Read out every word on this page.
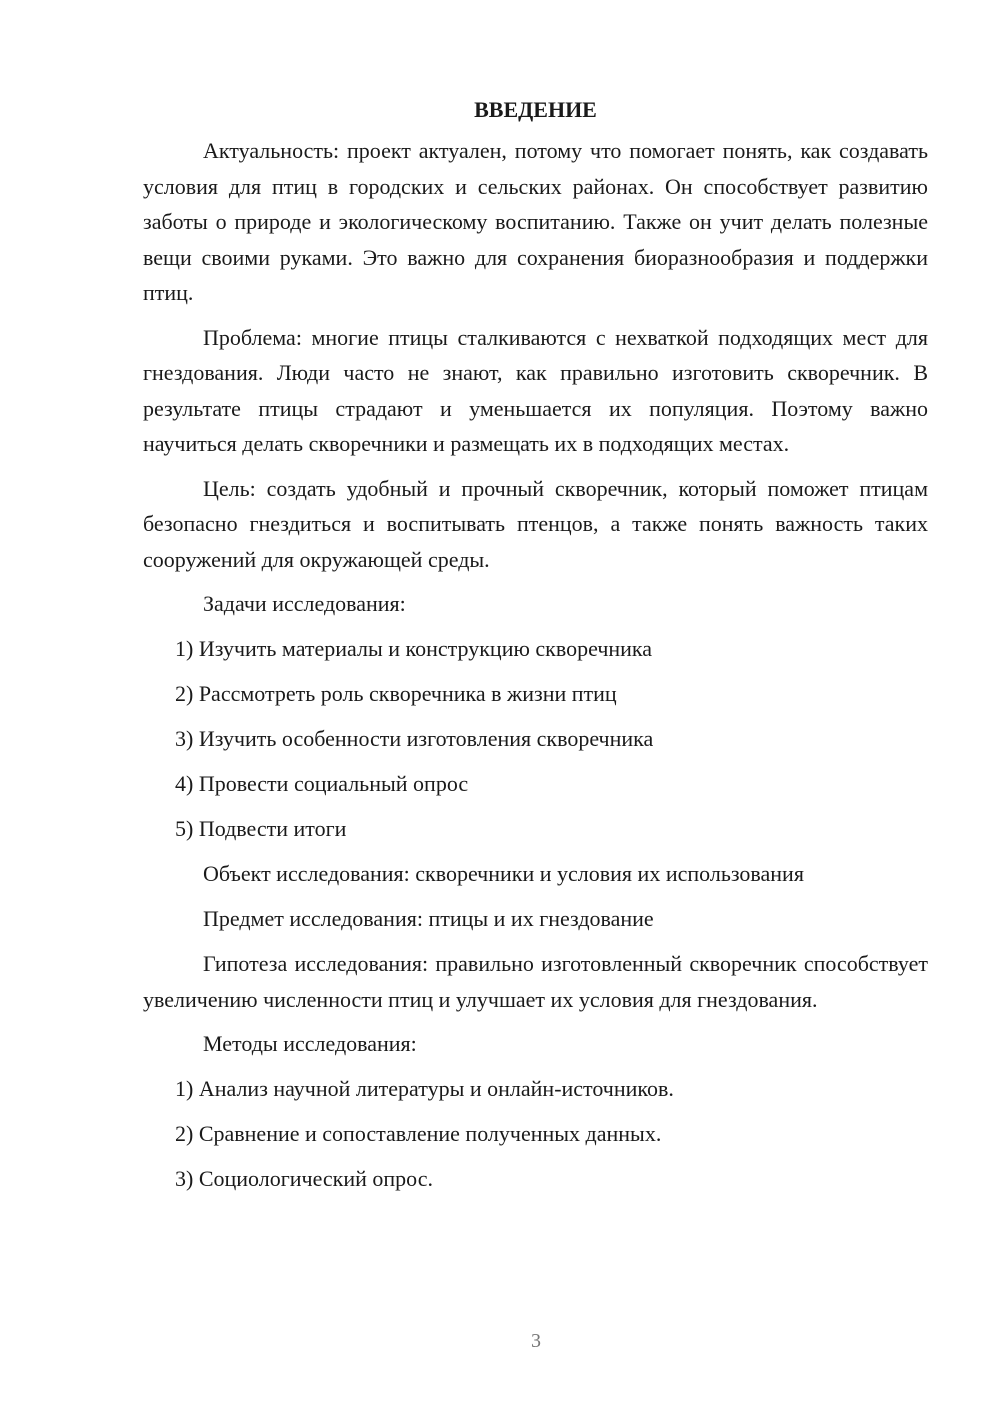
ВВЕДЕНИЕ

Актуальность: проект актуален, потому что помогает понять, как создавать условия для птиц в городских и сельских районах. Он способствует развитию заботы о природе и экологическому воспитанию. Также он учит делать полезные вещи своими руками. Это важно для сохранения биоразнообразия и поддержки птиц.

Проблема: многие птицы сталкиваются с нехваткой подходящих мест для гнездования. Люди часто не знают, как правильно изготовить скворечник. В результате птицы страдают и уменьшается их популяция. Поэтому важно научиться делать скворечники и размещать их в подходящих местах.

Цель: создать удобный и прочный скворечник, который поможет птицам безопасно гнездиться и воспитывать птенцов, а также понять важность таких сооружений для окружающей среды.

Задачи исследования:
1) Изучить материалы и конструкцию скворечника
2) Рассмотреть роль скворечника в жизни птиц
3) Изучить особенности изготовления скворечника
4) Провести социальный опрос
5) Подвести итоги
Объект исследования: скворечники и условия их использования
Предмет исследования: птицы и их гнездование

Гипотеза исследования: правильно изготовленный скворечник способствует увеличению численности птиц и улучшает их условия для гнездования.

Методы исследования:
1) Анализ научной литературы и онлайн-источников.
2) Сравнение и сопоставление полученных данных.
3) Социологический опрос.
3
